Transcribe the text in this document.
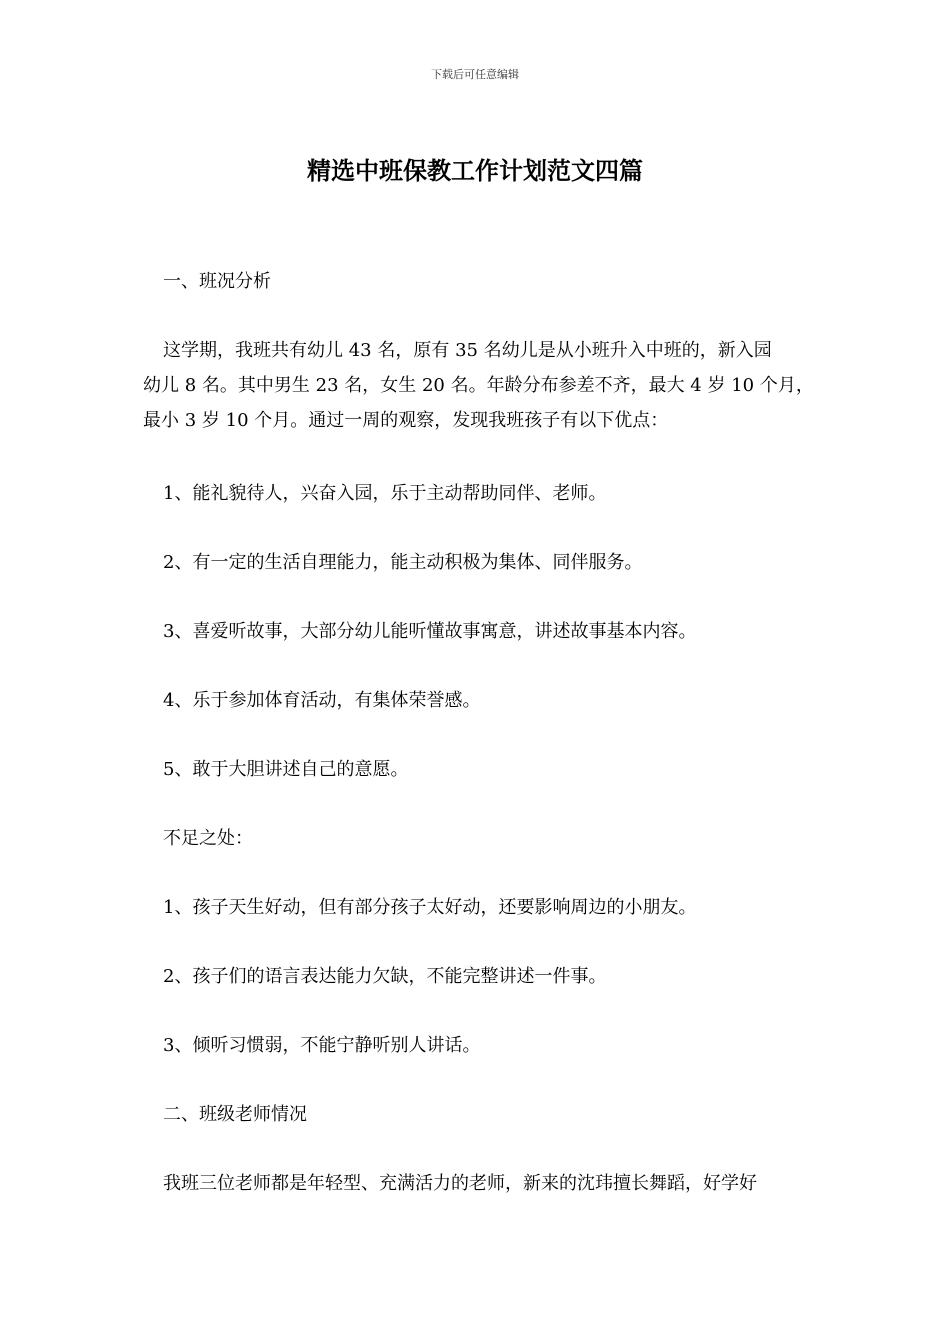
下载后可任意编辑
精选中班保教工作计划范文四篇
一、班况分析
这学期，我班共有幼儿 43 名，原有 35 名幼儿是从小班升入中班的，新入园
幼儿 8 名。其中男生 23 名，女生 20 名。年龄分布参差不齐，最大 4 岁 10 个月，
最小 3 岁 10 个月。通过一周的观察，发现我班孩子有以下优点：
1、能礼貌待人，兴奋入园，乐于主动帮助同伴、老师。
2、有一定的生活自理能力，能主动积极为集体、同伴服务。
3、喜爱听故事，大部分幼儿能听懂故事寓意，讲述故事基本内容。
4、乐于参加体育活动，有集体荣誉感。
5、敢于大胆讲述自己的意愿。
不足之处：
1、孩子天生好动，但有部分孩子太好动，还要影响周边的小朋友。
2、孩子们的语言表达能力欠缺，不能完整讲述一件事。
3、倾听习惯弱，不能宁静听别人讲话。
二、班级老师情况
我班三位老师都是年轻型、充满活力的老师，新来的沈玮擅长舞蹈，好学好
